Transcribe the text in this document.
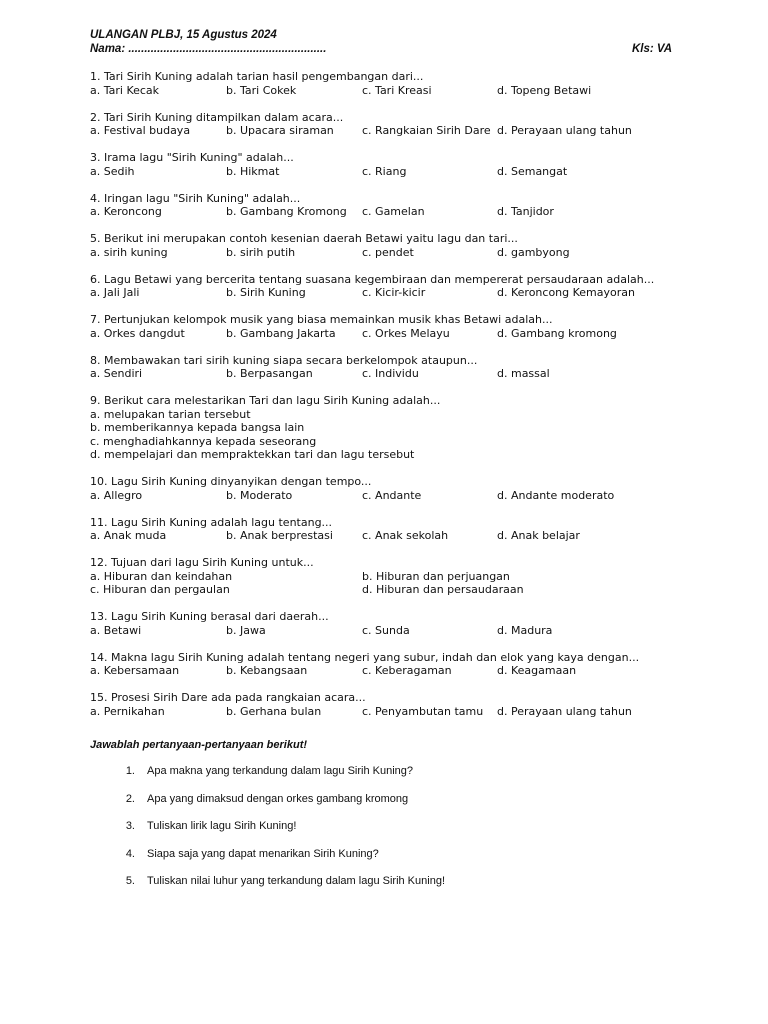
ULANGAN PLBJ, 15 Agustus 2024
Nama: ..............................................................	Kls: VA
1. Tari Sirih Kuning adalah tarian hasil pengembangan dari...
a. Tari Kecak	b. Tari Cokek	c. Tari Kreasi	d. Topeng Betawi
2. Tari Sirih Kuning ditampilkan dalam acara...
a. Festival budaya	b. Upacara siraman	c. Rangkaian Sirih Dare d. Perayaan ulang tahun
3. Irama lagu "Sirih Kuning" adalah...
a. Sedih	b. Hikmat	c. Riang	d. Semangat
4. Iringan lagu "Sirih Kuning" adalah...
a. Keroncong	b. Gambang Kromong	c. Gamelan	d. Tanjidor
5. Berikut ini merupakan contoh kesenian daerah Betawi yaitu lagu dan tari...
a. sirih kuning	b. sirih putih	c. pendet	d. gambyong
6. Lagu Betawi yang bercerita tentang suasana kegembiraan dan mempererat persaudaraan adalah...
a. Jali Jali	b. Sirih Kuning	c. Kicir-kicir	d. Keroncong Kemayoran
7. Pertunjukan kelompok musik yang biasa memainkan musik khas Betawi adalah...
a. Orkes dangdut	b. Gambang Jakarta	c. Orkes Melayu	d. Gambang kromong
8. Membawakan tari sirih kuning siapa secara berkelompok ataupun...
a. Sendiri	b. Berpasangan	c. Individu	d. massal
9. Berikut cara melestarikan Tari dan lagu Sirih Kuning adalah...
a. melupakan tarian tersebut
b. memberikannya kepada bangsa lain
c. menghadiahkannya kepada seseorang
d. mempelajari dan mempraktekkan tari dan lagu tersebut
10. Lagu Sirih Kuning dinyanyikan dengan tempo...
a. Allegro	b. Moderato	c. Andante	d. Andante moderato
11. Lagu Sirih Kuning adalah lagu tentang...
a. Anak muda	b. Anak berprestasi	c. Anak sekolah	d. Anak belajar
12. Tujuan dari lagu Sirih Kuning untuk...
a. Hiburan dan keindahan	b. Hiburan dan perjuangan
c. Hiburan dan pergaulan	d. Hiburan dan persaudaraan
13. Lagu Sirih Kuning berasal dari daerah...
a. Betawi	b. Jawa	c. Sunda	d. Madura
14. Makna lagu Sirih Kuning adalah tentang negeri yang subur, indah dan elok yang kaya dengan...
a. Kebersamaan	b. Kebangsaan	c. Keberagaman	d. Keagamaan
15. Prosesi Sirih Dare ada pada rangkaian acara...
a. Pernikahan	b. Gerhana bulan	c. Penyambutan tamu	d. Perayaan ulang tahun
Jawablah pertanyaan-pertanyaan berikut!
1.	Apa makna yang terkandung dalam lagu Sirih Kuning?
2.	Apa yang dimaksud dengan orkes gambang kromong
3.	Tuliskan lirik lagu Sirih Kuning!
4.	Siapa saja yang dapat menarikan Sirih Kuning?
5.	Tuliskan nilai luhur yang terkandung dalam lagu Sirih Kuning!
